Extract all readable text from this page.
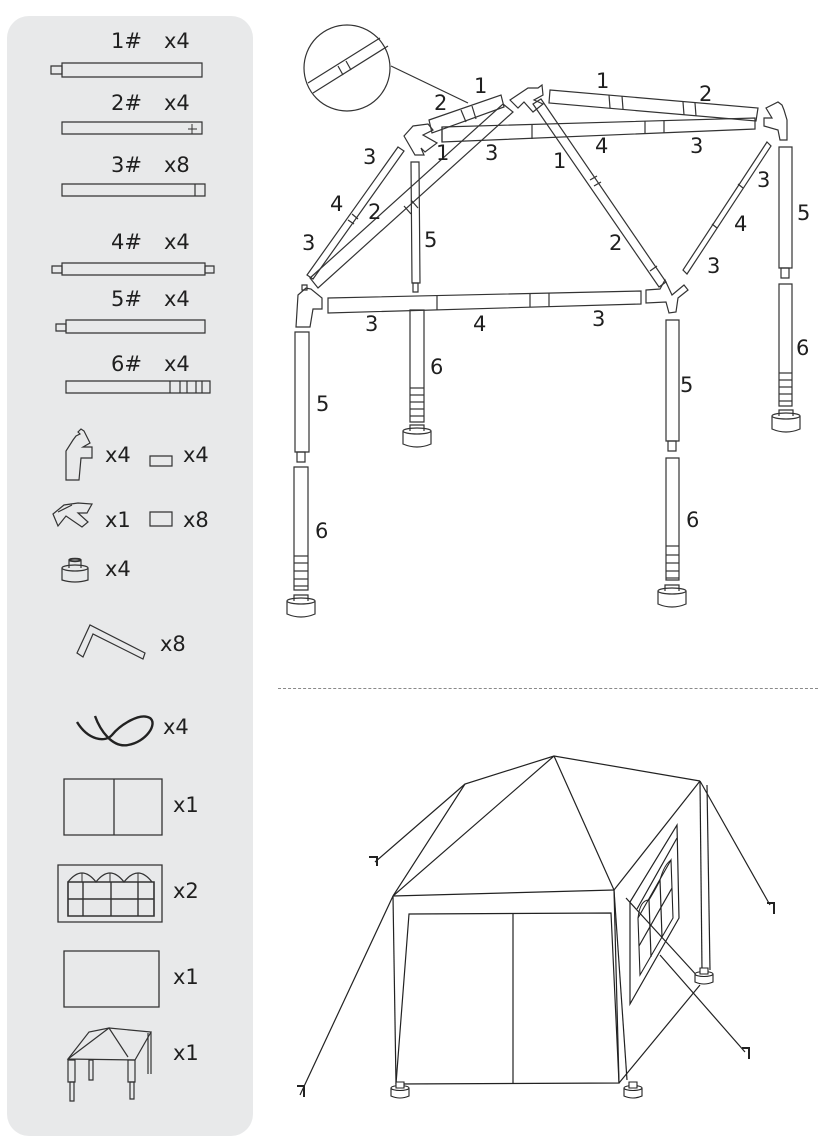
1# x4
2# x4
3# x8
4# x4
5# x4
6# x4
x4 x4
x1 x8
x4
x8
x4
x1
x2
x1
x1
2
1	1
2
1 3	4	3
1
2
3
4
3
2
3
4
3
5
5
3	4	3
6
6
5
5
6	6
